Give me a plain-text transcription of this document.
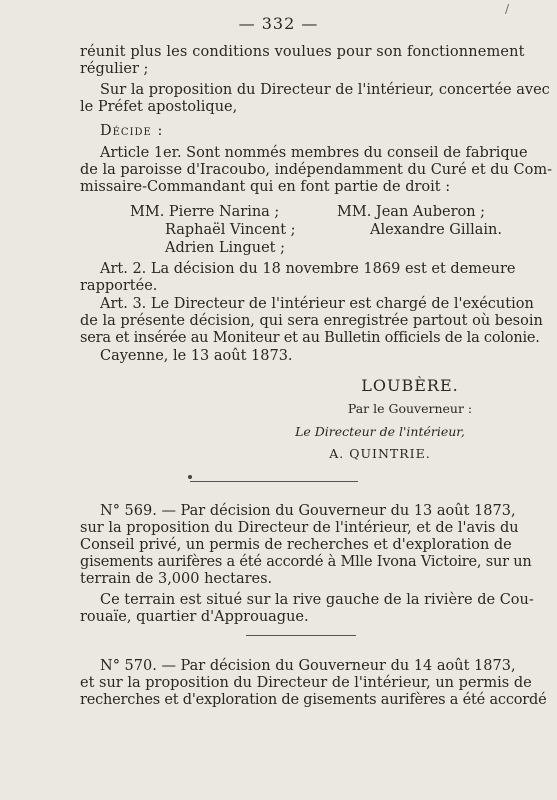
— 332 —
/
réunit plus les conditions voulues pour son fonctionnement
régulier ;
Sur la proposition du Directeur de l'intérieur, concertée avec
le Préfet apostolique,
Décide :
Article 1er. Sont nommés membres du conseil de fabrique
de la paroisse d'Iracoubo, indépendamment du Curé et du Com-
missaire-Commandant qui en font partie de droit :
MM. Pierre Narina ;	MM. Jean Auberon ;
Raphaël Vincent ;	Alexandre Gillain.
Adrien Linguet ;
Art. 2. La décision du 18 novembre 1869 est et demeure
rapportée.
Art. 3. Le Directeur de l'intérieur est chargé de l'exécution
de la présente décision, qui sera enregistrée partout où besoin
sera et insérée au Moniteur et au Bulletin officiels de la colonie.
Cayenne, le 13 août 1873.
LOUBÈRE.
Par le Gouverneur :
Le Directeur de l'intérieur,
A. QUINTRIE.
N° 569. — Par décision du Gouverneur du 13 août 1873,
sur la proposition du Directeur de l'intérieur, et de l'avis du
Conseil privé, un permis de recherches et d'exploration de
gisements aurifères a été accordé à Mlle Ivona Victoire, sur un
terrain de 3,000 hectares.
Ce terrain est situé sur la rive gauche de la rivière de Cou-
rouaïe, quartier d'Approuague.
N° 570. — Par décision du Gouverneur du 14 août 1873,
et sur la proposition du Directeur de l'intérieur, un permis de
recherches et d'exploration de gisements aurifères a été accordé
